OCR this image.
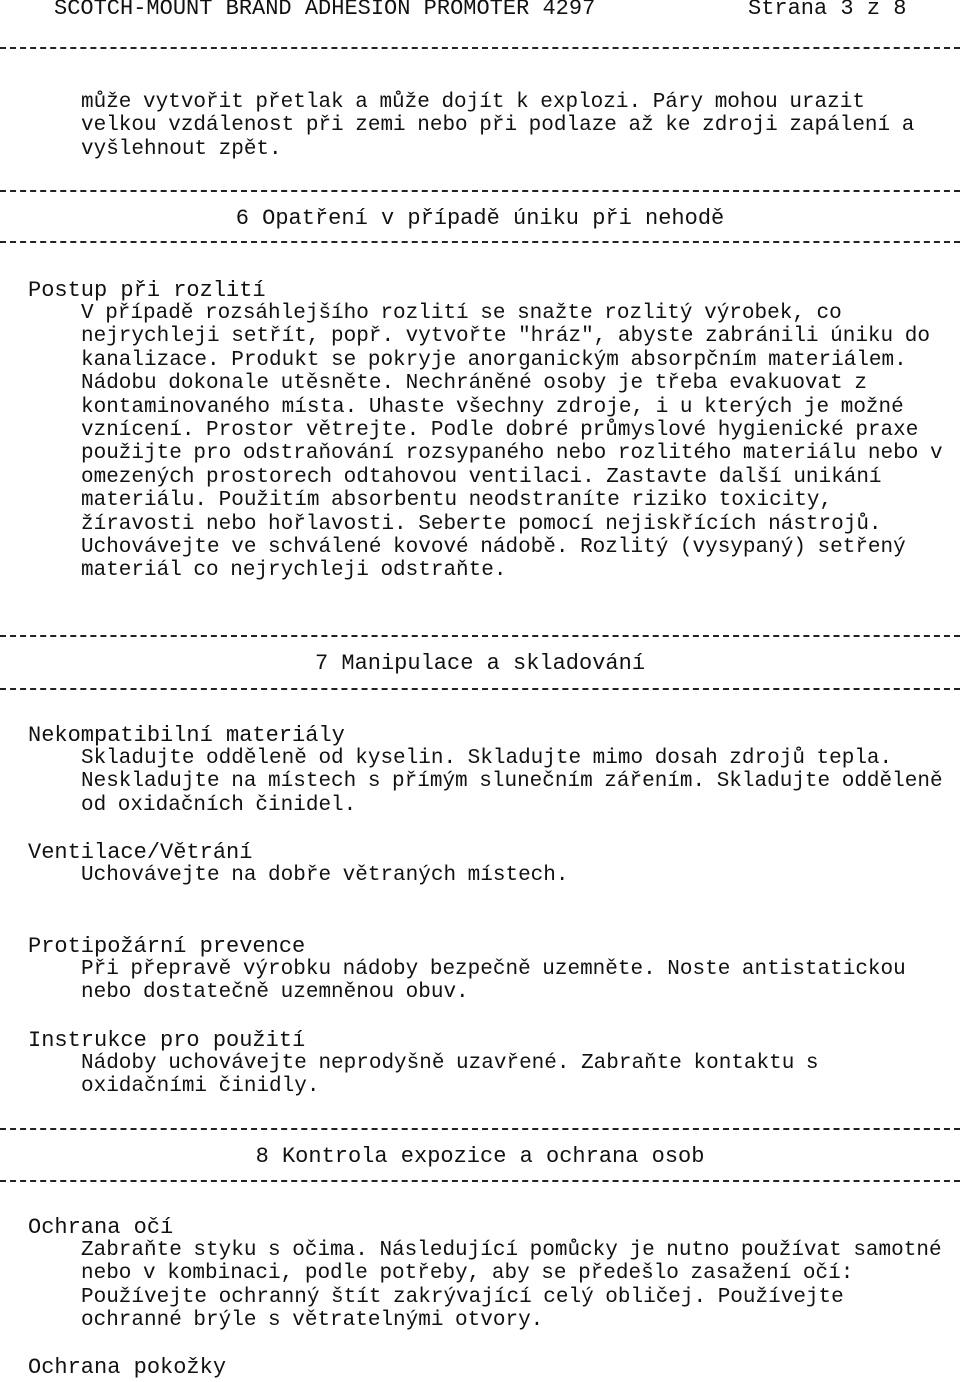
SCOTCH-MOUNT BRAND ADHESION PROMOTER 4297	Strana 3 z 8
může vytvořit přetlak a může dojít k explozi. Páry mohou urazit velkou vzdálenost při zemi nebo při podlaze až ke zdroji zapálení a vyšlehnout zpět.
6 Opatření v případě úniku při nehodě
Postup při rozlití
V případě rozsáhlejšího rozlití se snažte rozlitý výrobek, co nejrychleji setřít, popř. vytvořte "hráz", abyste zabránili úniku do kanalizace. Produkt se pokryje anorganickým absorpčním materiálem. Nádobu dokonale utěsněte. Nechráněné osoby je třeba evakuovat z kontaminovaného místa. Uhaste všechny zdroje, i u kterých je možné vznícení. Prostor větrejte. Podle dobré průmyslové hygienické praxe použijte pro odstraňování rozsypaného nebo rozlitého materiálu nebo v omezených prostorech odtahovou ventilaci. Zastavte další unikání materiálu. Použitím absorbentu neodstraníte riziko toxicity, žíravosti nebo hořlavosti. Seberte pomocí nejiskřících nástrojů. Uchovávejte ve schválené kovové nádobě. Rozlitý (vysypaný) setřený materiál co nejrychleji odstraňte.
7 Manipulace a skladování
Nekompatibilní materiály
Skladujte odděleně od kyselin. Skladujte mimo dosah zdrojů tepla. Neskladujte na místech s přímým slunečním zářením. Skladujte odděleně od oxidačních činidel.
Ventilace/Větrání
Uchovávejte na dobře větraných místech.
Protipožární prevence
Při přepravě výrobku nádoby bezpečně uzemněte. Noste antistatickou nebo dostatečně uzemněnou obuv.
Instrukce pro použití
Nádoby uchovávejte neprodyšně uzavřené. Zabraňte kontaktu s oxidačními činidly.
8 Kontrola expozice a ochrana osob
Ochrana očí
Zabraňte styku s očima. Následující pomůcky je nutno používat samotné nebo v kombinaci, podle potřeby, aby se předešlo zasažení očí: Používejte ochranný štít zakrývající celý obličej. Používejte ochranné brýle s větratelnými otvory.
Ochrana pokožky
